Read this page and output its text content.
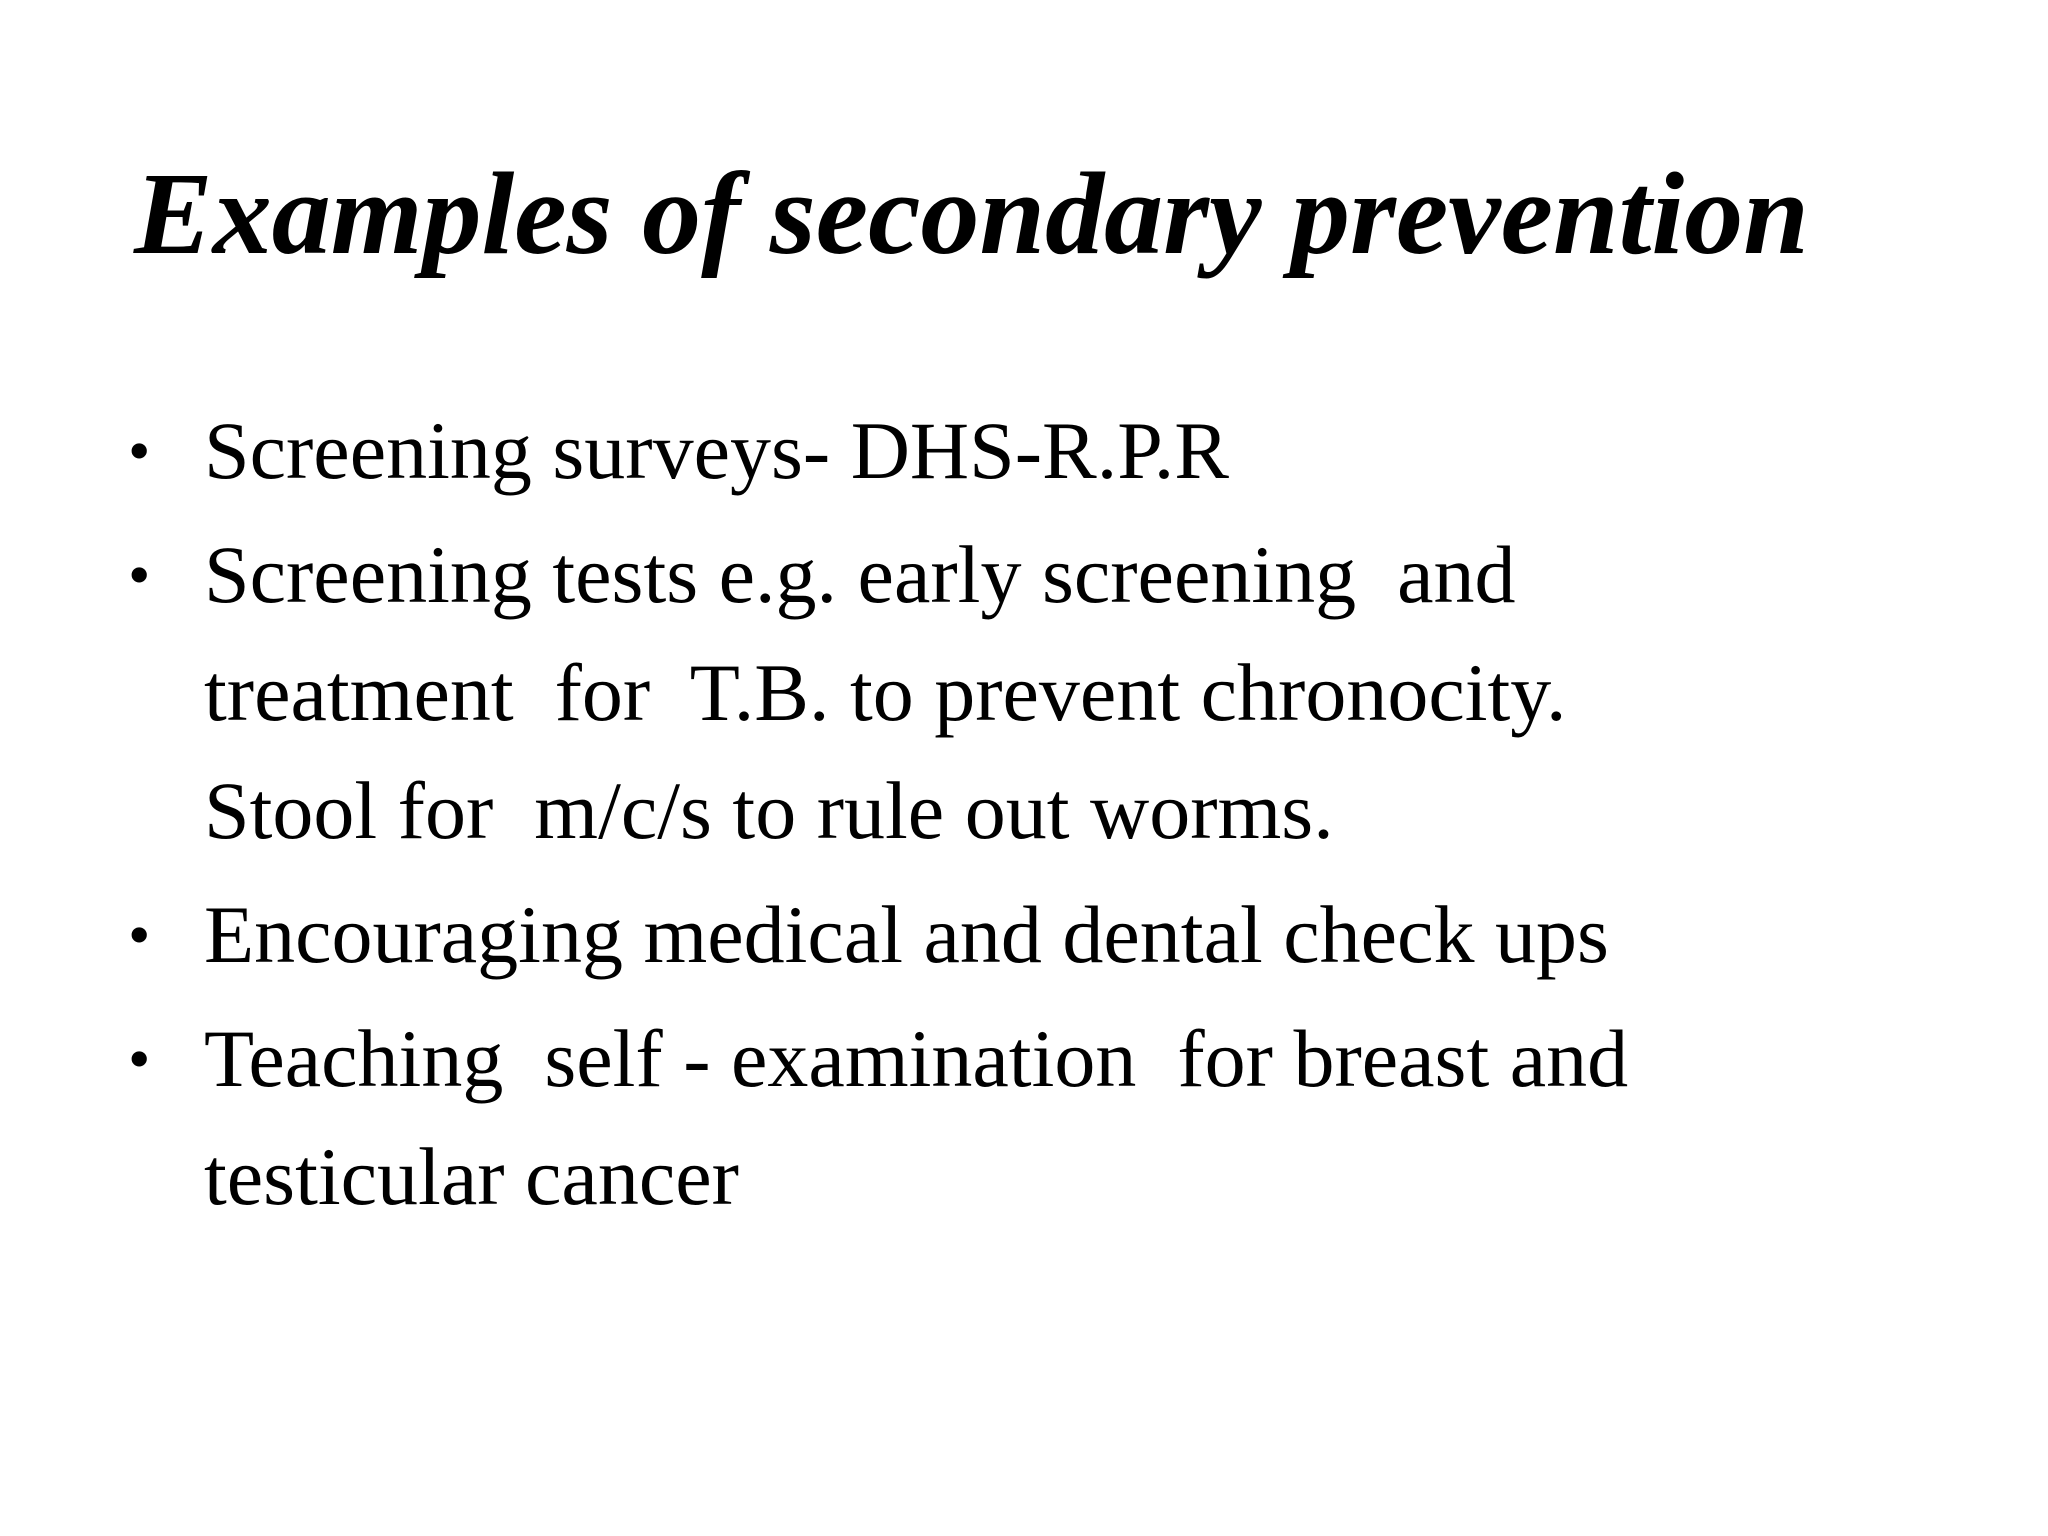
Examples of secondary prevention
• Screening surveys- DHS-R.P.R
• Screening tests e.g. early screening  and
treatment  for  T.B. to prevent chronocity.
Stool for  m/c/s to rule out worms.
• Encouraging medical and dental check ups
• Teaching  self - examination  for breast and
testicular cancer
